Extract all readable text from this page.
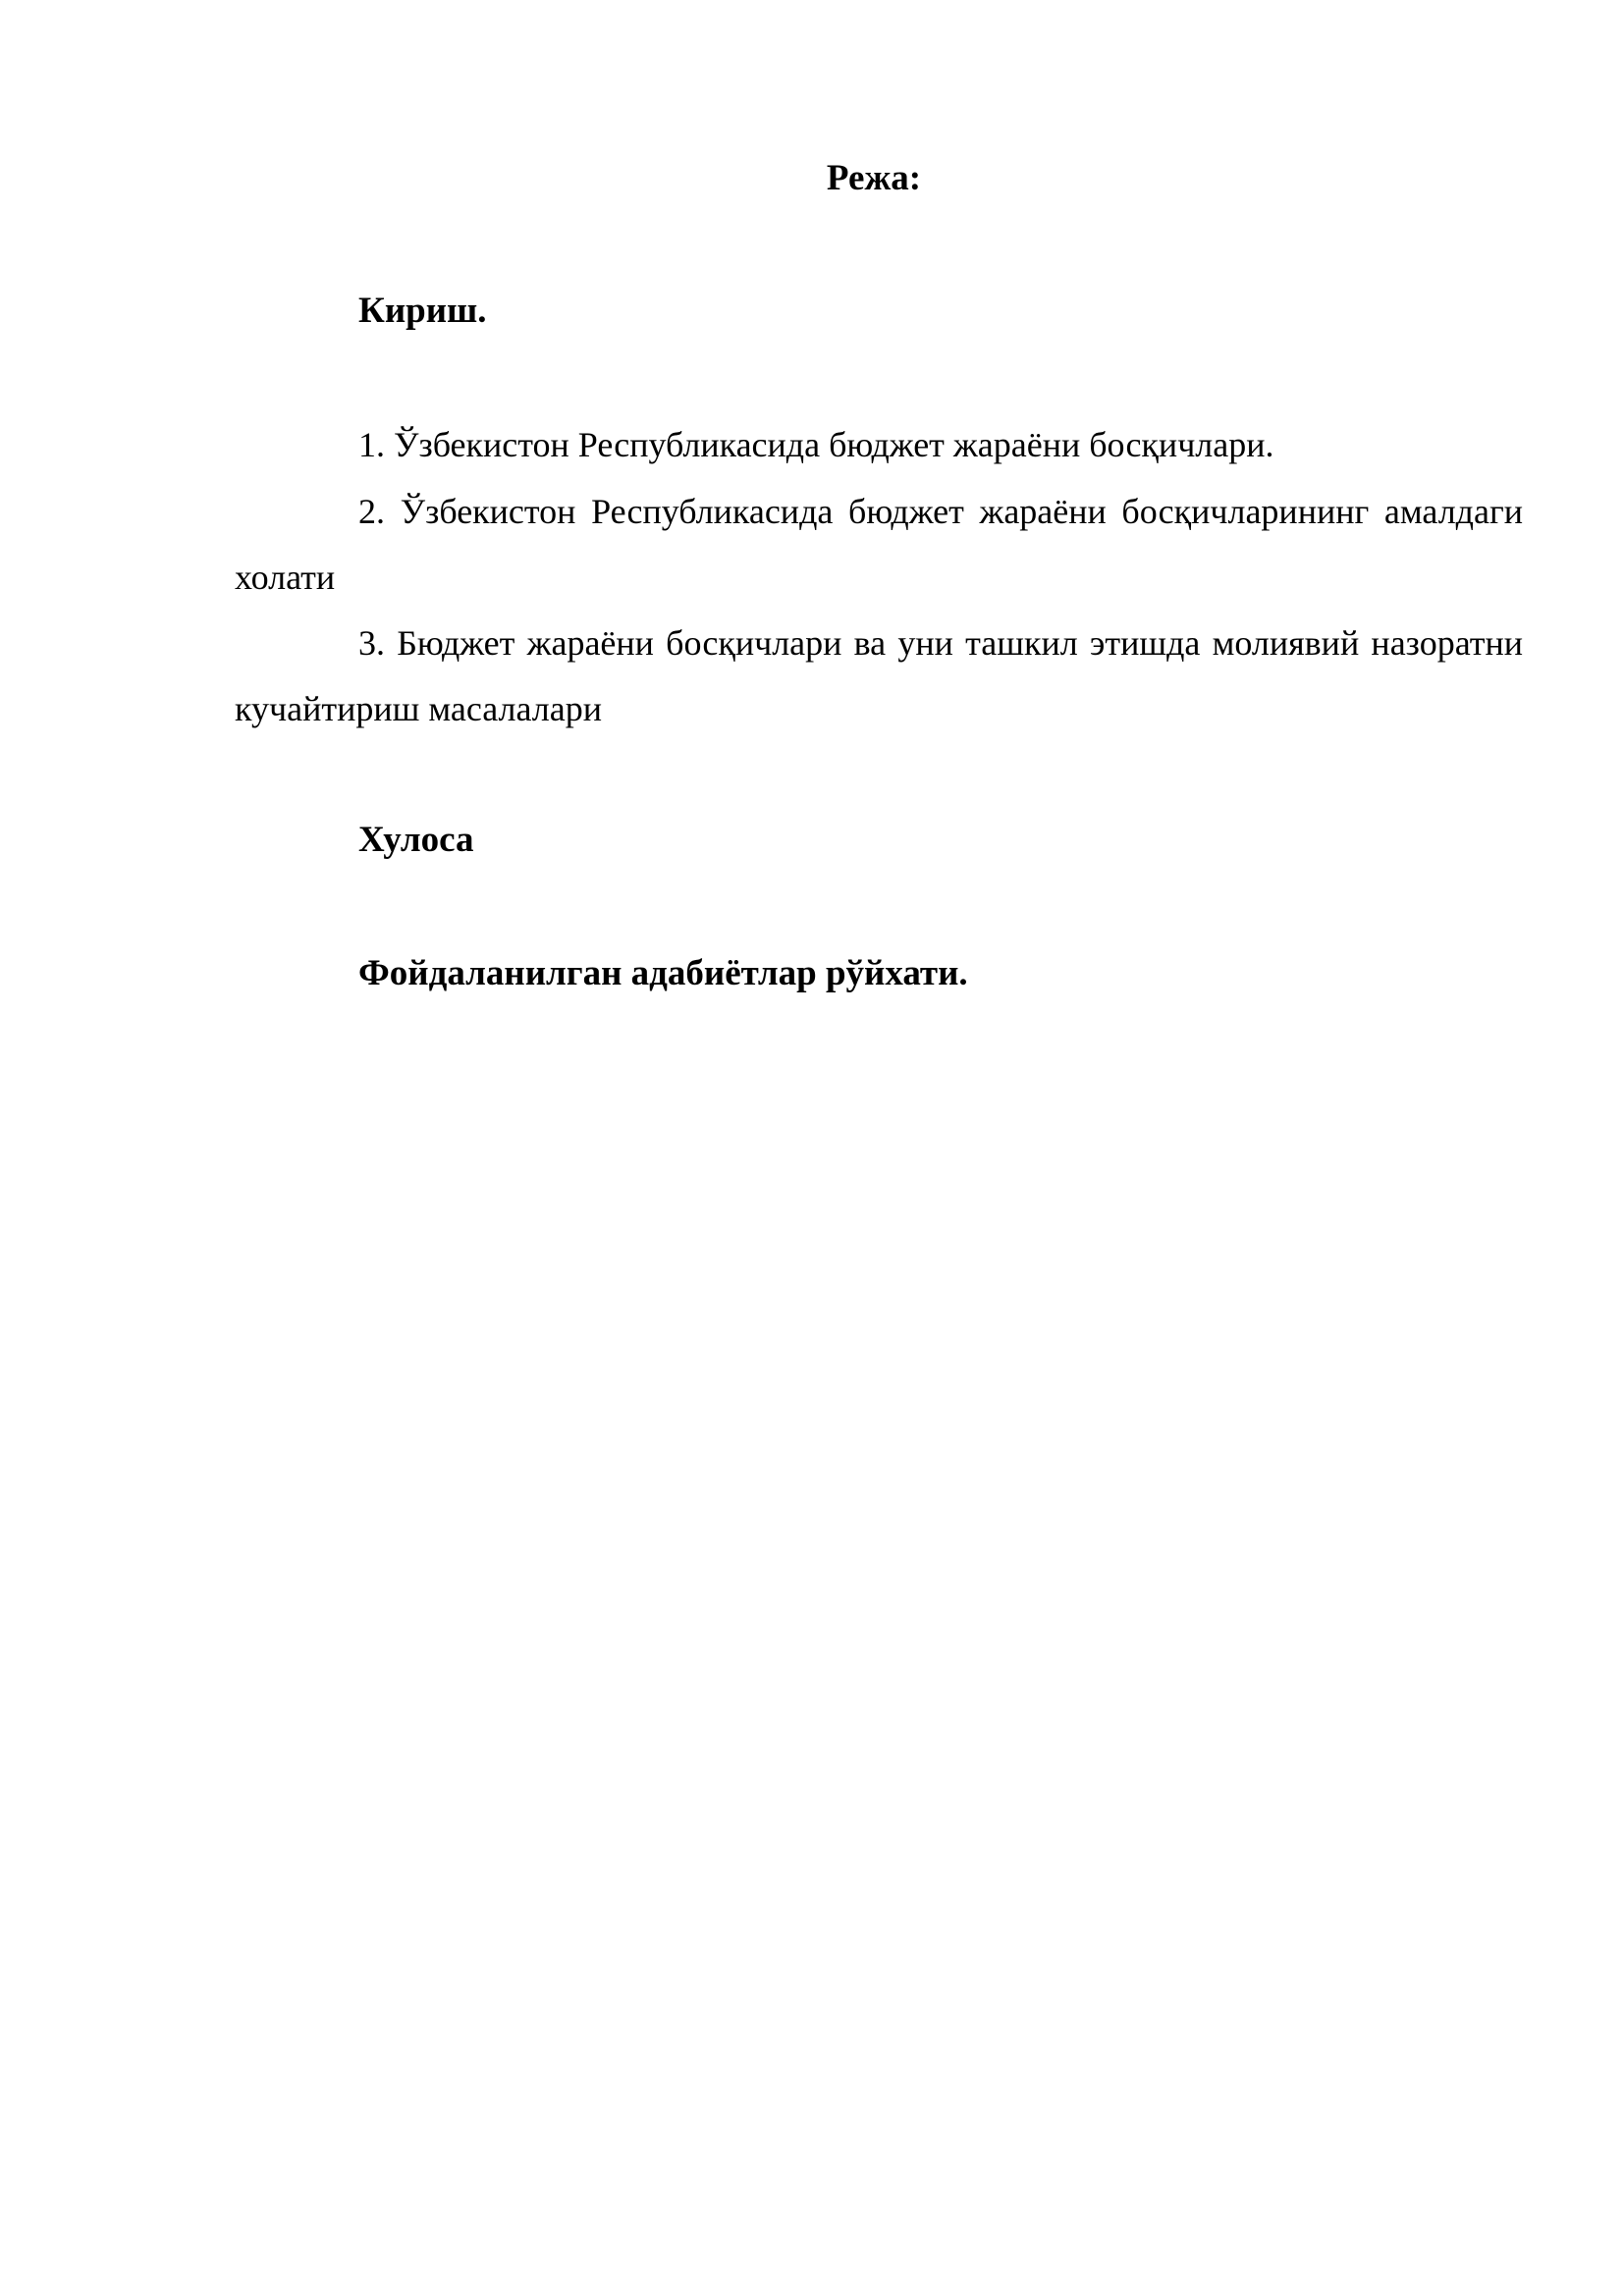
Режа:
Кириш.
1. Ўзбекистон Республикасида бюджет жараёни босқичлари.
2. Ўзбекистон Республикасида бюджет жараёни босқичларининг амалдаги холати
3. Бюджет жараёни босқичлари ва уни ташкил этишда молиявий назоратни кучайтириш масалалари
Хулоса
Фойдаланилган адабиётлар рўйхати.
